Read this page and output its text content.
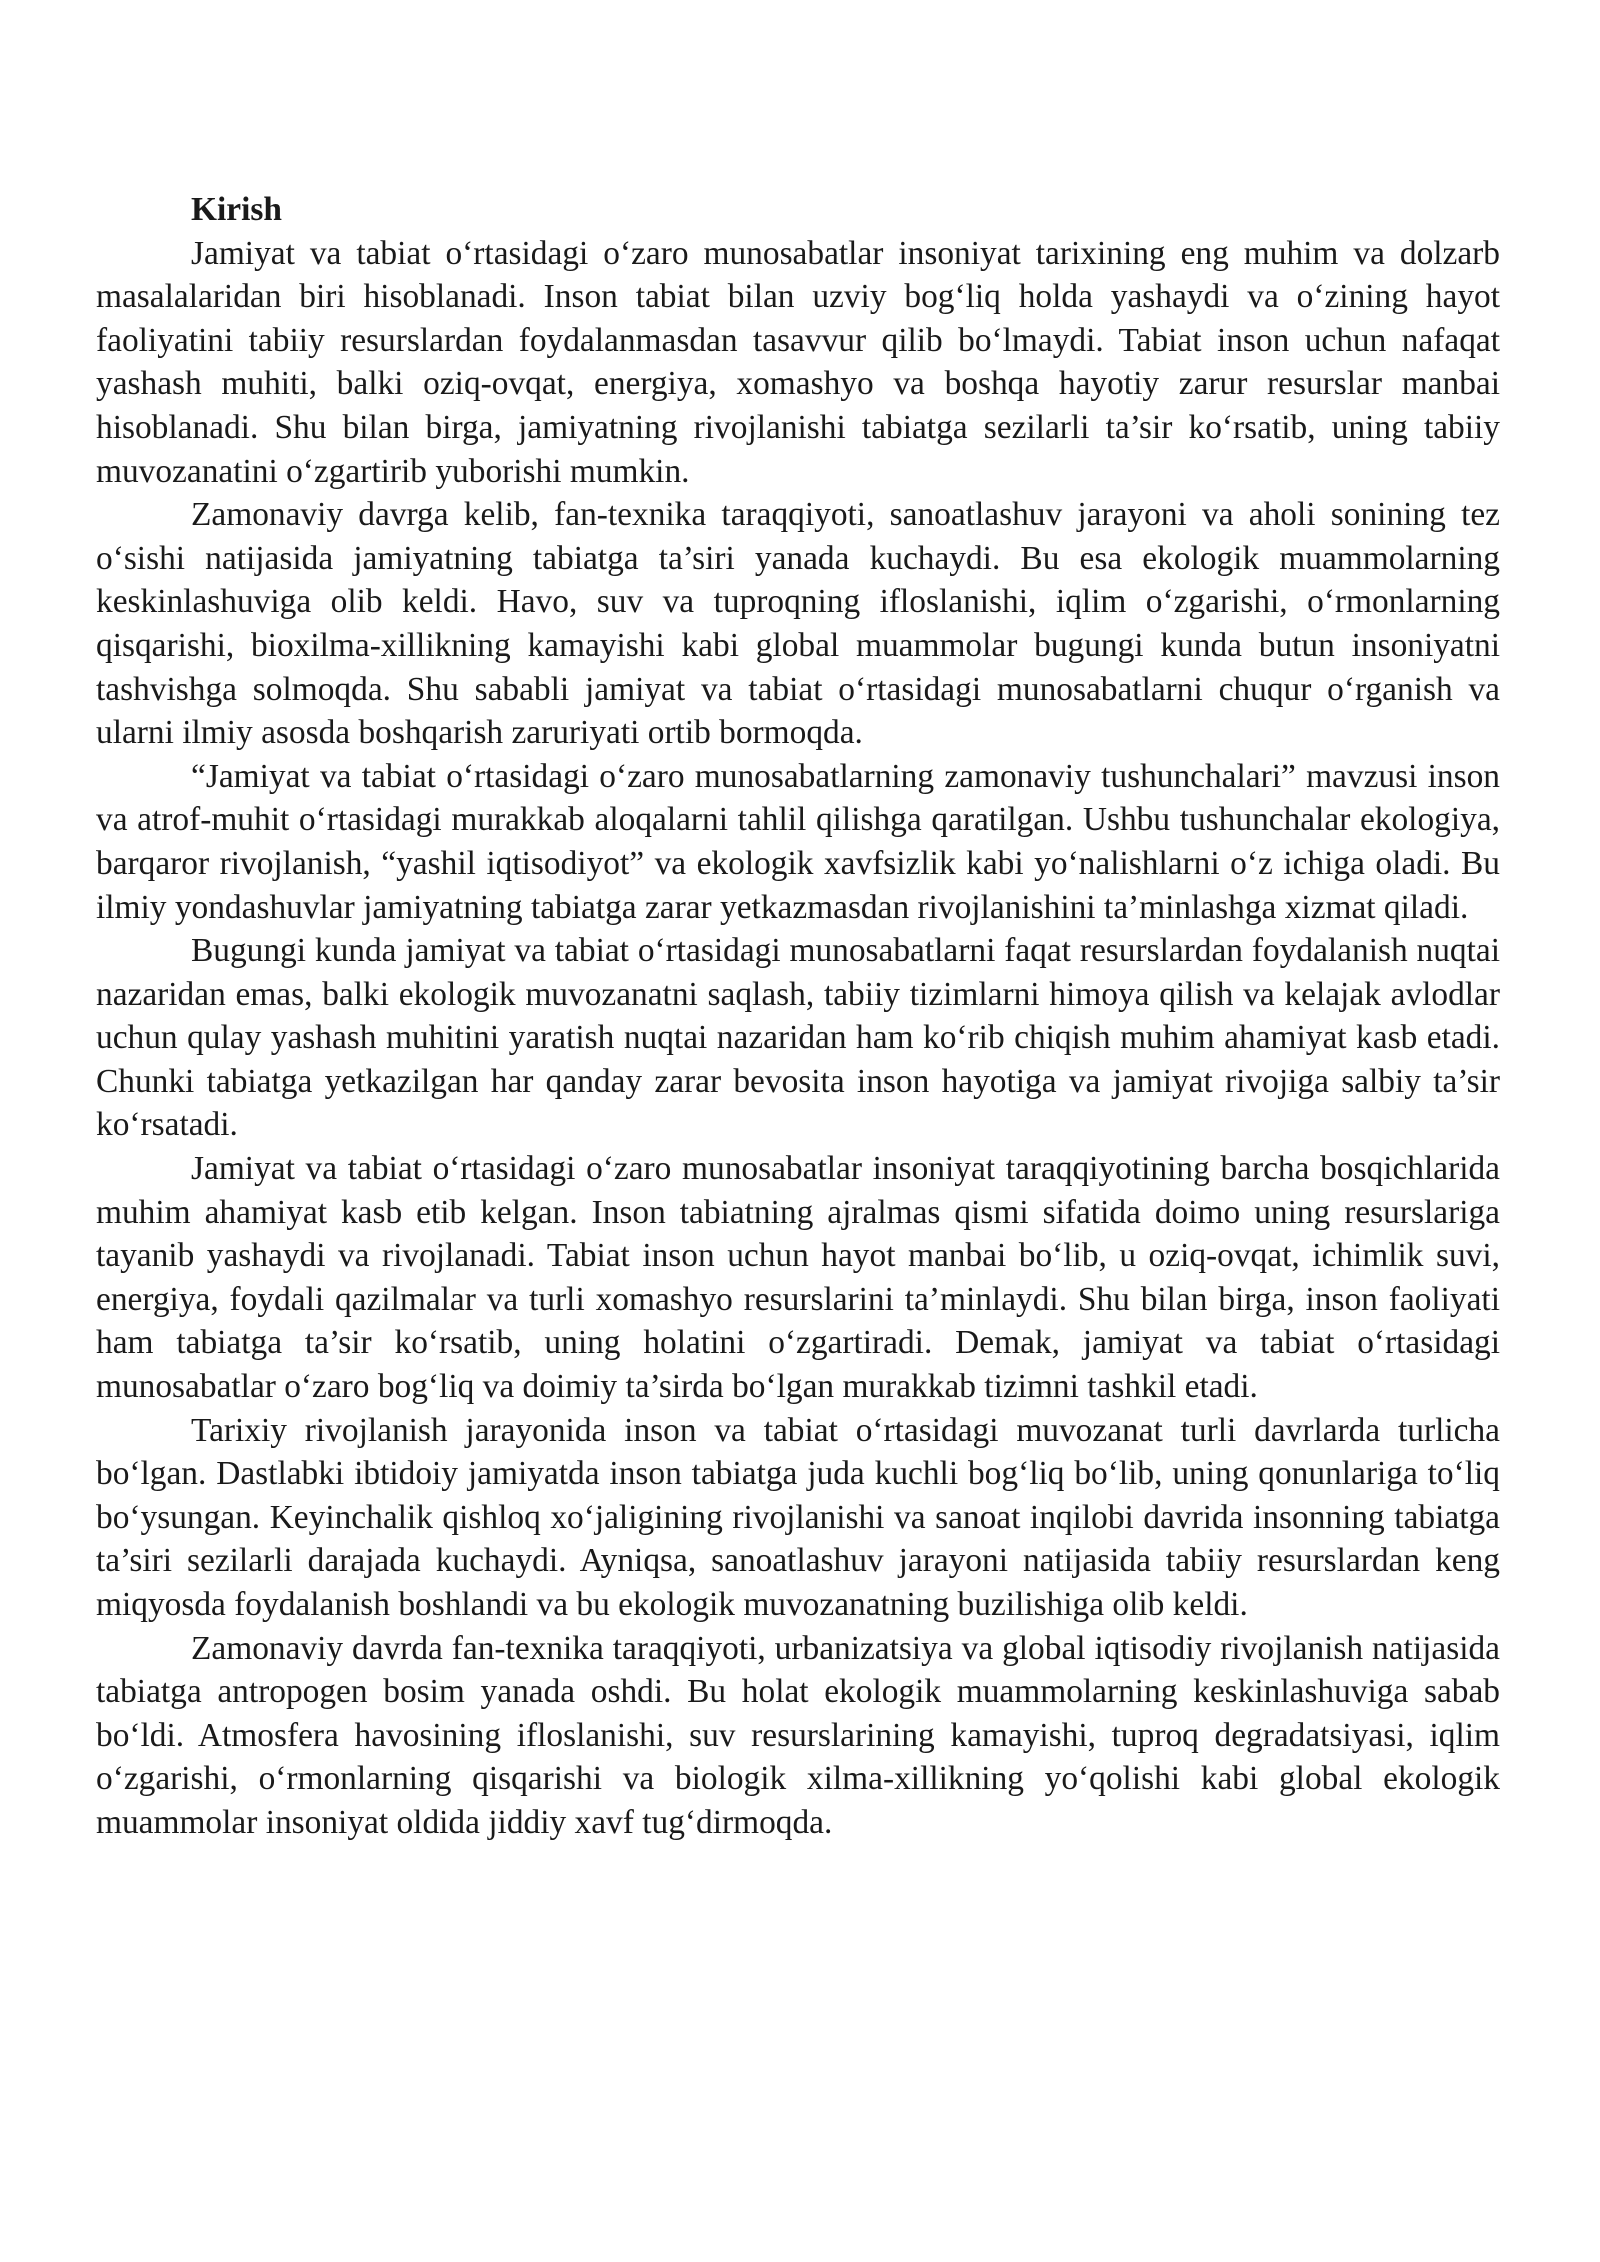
Kirish

Jamiyat va tabiat o‘rtasidagi o‘zaro munosabatlar insoniyat tarixining eng muhim va dolzarb masalalaridan biri hisoblanadi. Inson tabiat bilan uzviy bog‘liq holda yashaydi va o‘zining hayot faoliyatini tabiiy resurslardan foydalanmasdan tasavvur qilib bo‘lmaydi. Tabiat inson uchun nafaqat yashash muhiti, balki oziq-ovqat, energiya, xomashyo va boshqa hayotiy zarur resurslar manbai hisoblanadi. Shu bilan birga, jamiyatning rivojlanishi tabiatga sezilarli ta’sir ko‘rsatib, uning tabiiy muvozanatini o‘zgartirib yuborishi mumkin.

Zamonaviy davrga kelib, fan-texnika taraqqiyoti, sanoatlashuv jarayoni va aholi sonining tez o‘sishi natijasida jamiyatning tabiatga ta’siri yanada kuchaydi. Bu esa ekologik muammolarning keskinlashuviga olib keldi. Havo, suv va tuproqning ifloslanishi, iqlim o‘zgarishi, o‘rmonlarning qisqarishi, bioxilma-xillikning kamayishi kabi global muammolar bugungi kunda butun insoniyatni tashvishga solmoqda. Shu sababli jamiyat va tabiat o‘rtasidagi munosabatlarni chuqur o‘rganish va ularni ilmiy asosda boshqarish zaruriyati ortib bormoqda.

“Jamiyat va tabiat o‘rtasidagi o‘zaro munosabatlarning zamonaviy tushunchalari” mavzusi inson va atrof-muhit o‘rtasidagi murakkab aloqalarni tahlil qilishga qaratilgan. Ushbu tushunchalar ekologiya, barqaror rivojlanish, “yashil iqtisodiyot” va ekologik xavfsizlik kabi yo‘nalishlarni o‘z ichiga oladi. Bu ilmiy yondashuvlar jamiyatning tabiatga zarar yetkazmasdan rivojlanishini ta’minlashga xizmat qiladi.

Bugungi kunda jamiyat va tabiat o‘rtasidagi munosabatlarni faqat resurslardan foydalanish nuqtai nazaridan emas, balki ekologik muvozanatni saqlash, tabiiy tizimlarni himoya qilish va kelajak avlodlar uchun qulay yashash muhitini yaratish nuqtai nazaridan ham ko‘rib chiqish muhim ahamiyat kasb etadi. Chunki tabiatga yetkazilgan har qanday zarar bevosita inson hayotiga va jamiyat rivojiga salbiy ta’sir ko‘rsatadi.

Jamiyat va tabiat o‘rtasidagi o‘zaro munosabatlar insoniyat taraqqiyotining barcha bosqichlarida muhim ahamiyat kasb etib kelgan. Inson tabiatning ajralmas qismi sifatida doimo uning resurslariga tayanib yashaydi va rivojlanadi. Tabiat inson uchun hayot manbai bo‘lib, u oziq-ovqat, ichimlik suvi, energiya, foydali qazilmalar va turli xomashyo resurslarini ta’minlaydi. Shu bilan birga, inson faoliyati ham tabiatga ta’sir ko‘rsatib, uning holatini o‘zgartiradi. Demak, jamiyat va tabiat o‘rtasidagi munosabatlar o‘zaro bog‘liq va doimiy ta’sirda bo‘lgan murakkab tizimni tashkil etadi.

Tarixiy rivojlanish jarayonida inson va tabiat o‘rtasidagi muvozanat turli davrlarda turlicha bo‘lgan. Dastlabki ibtidoiy jamiyatda inson tabiatga juda kuchli bog‘liq bo‘lib, uning qonunlariga to‘liq bo‘ysungan. Keyinchalik qishloq xo‘jaligining rivojlanishi va sanoat inqilobi davrida insonning tabiatga ta’siri sezilarli darajada kuchaydi. Ayniqsa, sanoatlashuv jarayoni natijasida tabiiy resurslardan keng miqyosda foydalanish boshlandi va bu ekologik muvozanatning buzilishiga olib keldi.

Zamonaviy davrda fan-texnika taraqqiyoti, urbanizatsiya va global iqtisodiy rivojlanish natijasida tabiatga antropogen bosim yanada oshdi. Bu holat ekologik muammolarning keskinlashuviga sabab bo‘ldi. Atmosfera havosining ifloslanishi, suv resurslarining kamayishi, tuproq degradatsiyasi, iqlim o‘zgarishi, o‘rmonlarning qisqarishi va biologik xilma-xillikning yo‘qolishi kabi global ekologik muammolar insoniyat oldida jiddiy xavf tug‘dirmoqda.
